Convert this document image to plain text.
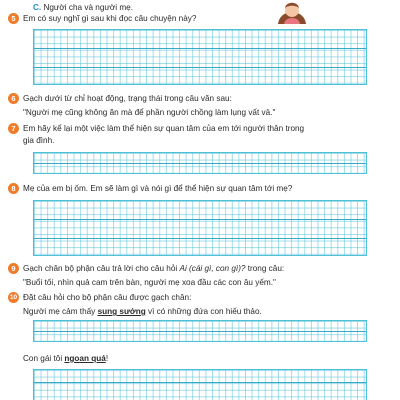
C. Người cha và người mẹ.
5 Em có suy nghĩ gì sau khi đọc câu chuyện này?
6 Gạch dưới từ chỉ hoạt động, trạng thái trong câu văn sau:
"Người mẹ cũng không ăn mà để phần người chồng làm lụng vất vả."
7 Em hãy kể lại một việc làm thể hiện sự quan tâm của em tới người thân trong
gia đình.
8 Mẹ của em bị ốm. Em sẽ làm gì và nói gì để thể hiện sự quan tâm tới mẹ?
9 Gạch chân bộ phận câu trả lời cho câu hỏi Ai (cái gì, con gì)? trong câu:
"Buổi tối, nhìn quả cam trên bàn, người mẹ xoa đầu các con âu yếm."
10 Đặt câu hỏi cho bộ phận câu được gạch chân:
Người mẹ cảm thấy sung sướng vì có những đứa con hiếu thảo.
Con gái tôi ngoan quá!
